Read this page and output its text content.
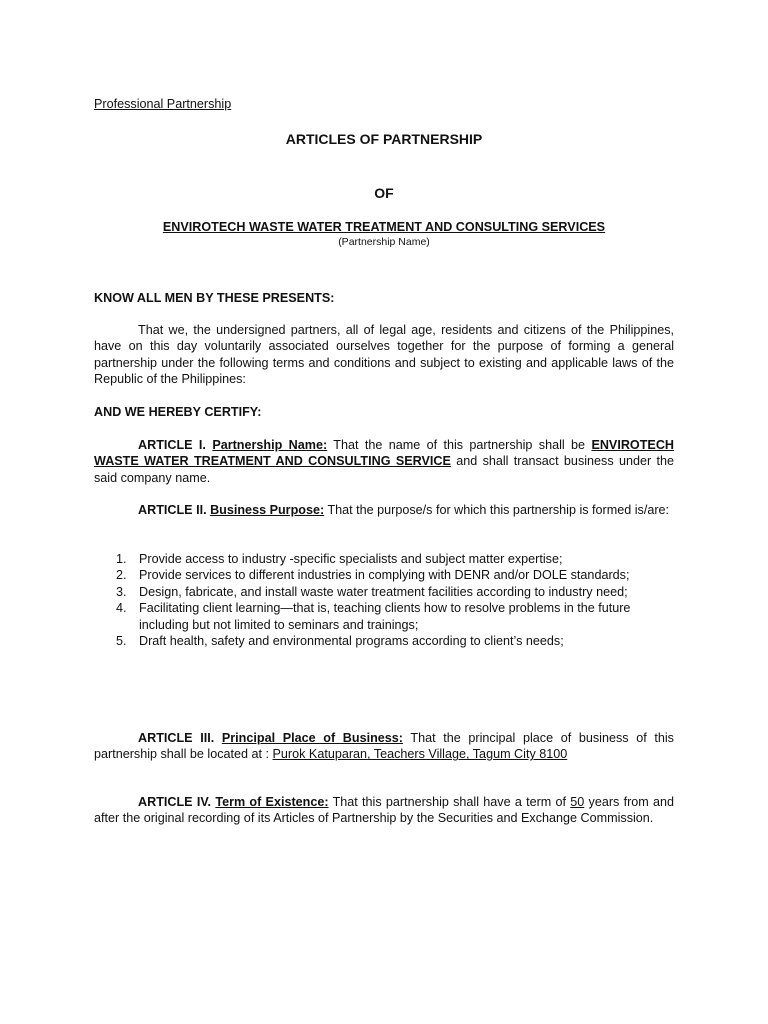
Professional Partnership
ARTICLES OF PARTNERSHIP
OF
ENVIROTECH WASTE WATER TREATMENT AND CONSULTING SERVICES
(Partnership Name)
KNOW ALL MEN BY THESE PRESENTS:

That we, the undersigned partners, all of legal age, residents and citizens of the Philippines, have on this day voluntarily associated ourselves together for the purpose of forming a general partnership under the following terms and conditions and subject to existing and applicable laws of the Republic of the Philippines:

AND WE HEREBY CERTIFY:

ARTICLE I. Partnership Name: That the name of this partnership shall be ENVIROTECH WASTE WATER TREATMENT AND CONSULTING SERVICE and shall transact business under the said company name.

ARTICLE II. Business Purpose: That the purpose/s for which this partnership is formed is/are:

1. Provide access to industry -specific specialists and subject matter expertise;
2. Provide services to different industries in complying with DENR and/or DOLE standards;
3. Design, fabricate, and install waste water treatment facilities according to industry need;
4. Facilitating client learning—that is, teaching clients how to resolve problems in the future including but not limited to seminars and trainings;
5. Draft health, safety and environmental programs according to client’s needs;

ARTICLE III. Principal Place of Business: That the principal place of business of this partnership shall be located at : Purok Katuparan, Teachers Village, Tagum City 8100

ARTICLE IV. Term of Existence: That this partnership shall have a term of 50 years from and after the original recording of its Articles of Partnership by the Securities and Exchange Commission.
